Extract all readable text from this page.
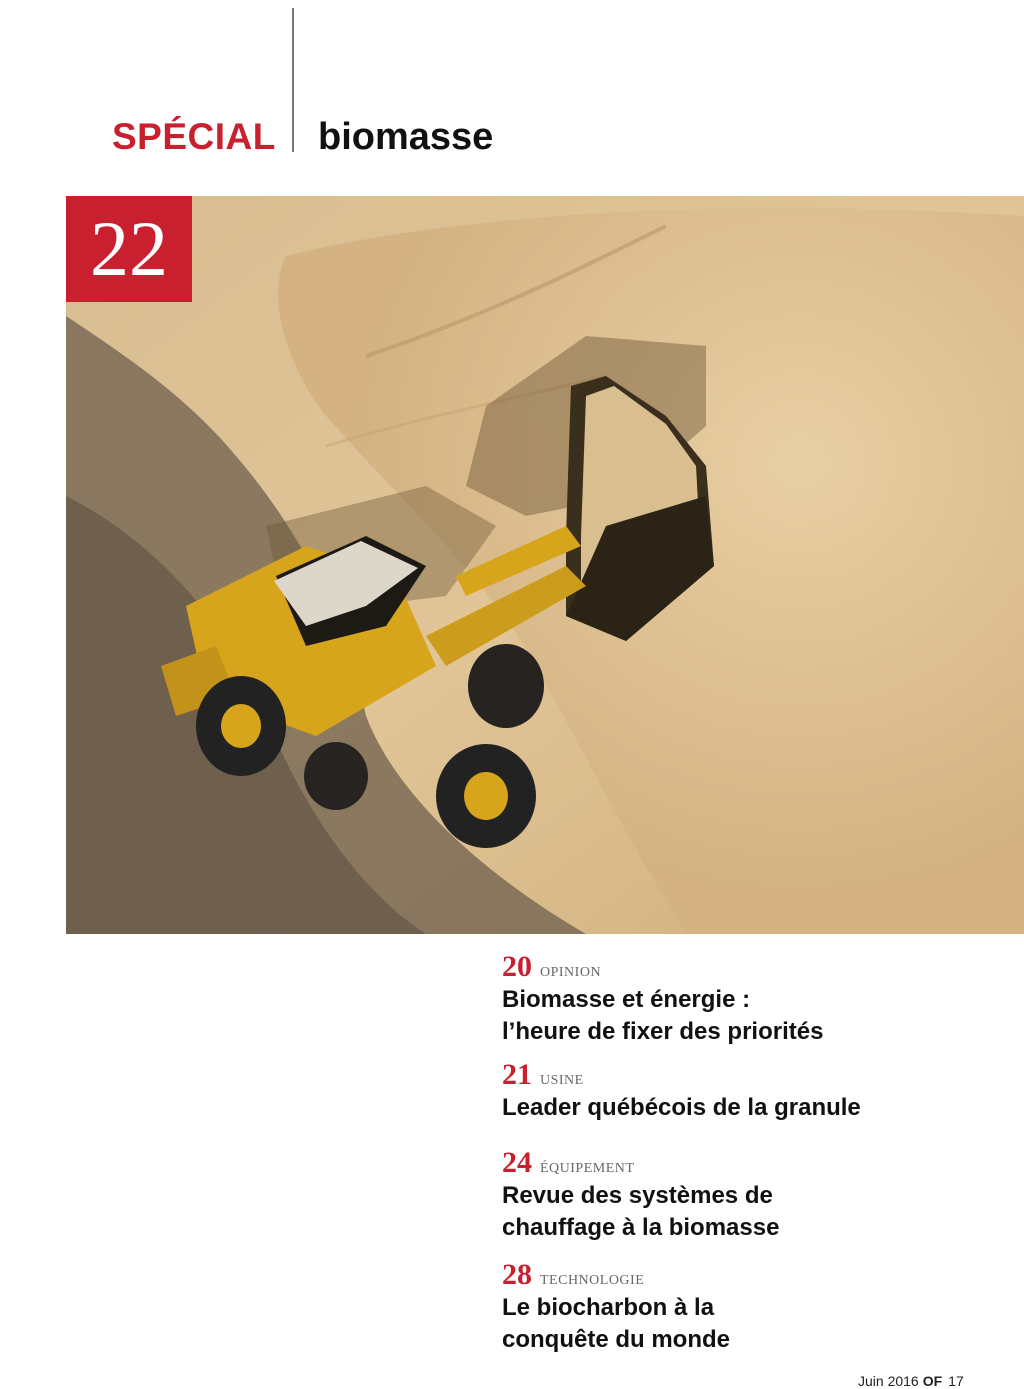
SPÉCIAL biomasse
22
20 OPINION
Biomasse et énergie :
l’heure de fixer des priorités
21 USINE
Leader québécois de la granule
24 ÉQUIPEMENT
Revue des systèmes de
chauffage à la biomasse
28 TECHNOLOGIE
Le biocharbon à la
conquête du monde
Juin 2016 OF 17
